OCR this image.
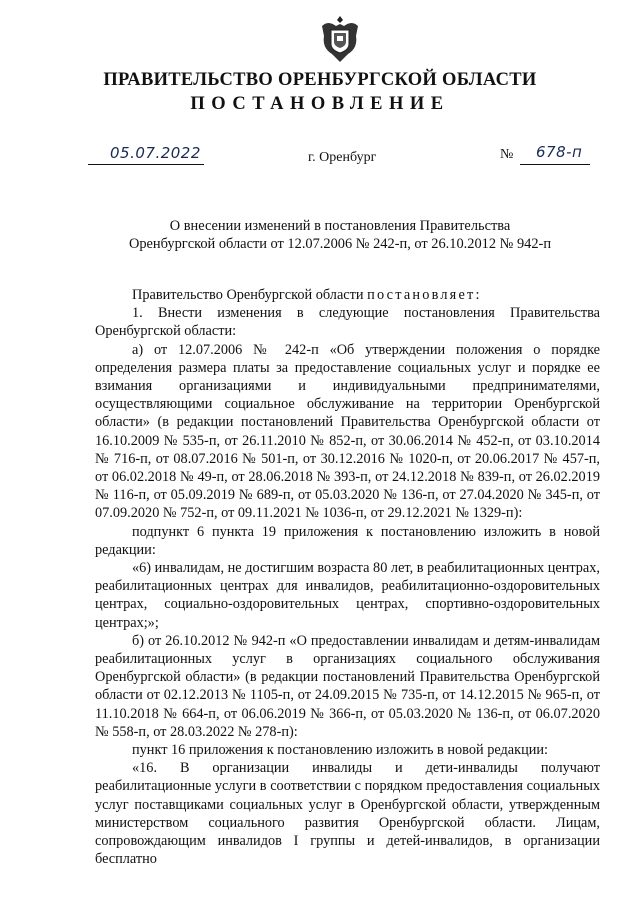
ПРАВИТЕЛЬСТВО ОРЕНБУРГСКОЙ ОБЛАСТИ
ПОСТАНОВЛЕНИЕ
05.07.2022	г. Оренбург	№ 678-п
О внесении изменений в постановления Правительства
Оренбургской области от 12.07.2006 № 242-п, от 26.10.2012 № 942-п

Правительство Оренбургской области постановляет:

1. Внести изменения в следующие постановления Правительства Оренбургской области:

а) от 12.07.2006 № 242-п «Об утверждении положения о порядке определения размера платы за предоставление социальных услуг и порядке ее взимания организациями и индивидуальными предпринимателями, осуществляющими социальное обслуживание на территории Оренбургской области» (в редакции постановлений Правительства Оренбургской области от 16.10.2009 № 535-п, от 26.11.2010 № 852-п, от 30.06.2014 № 452-п, от 03.10.2014 № 716-п, от 08.07.2016 № 501-п, от 30.12.2016 № 1020-п, от 20.06.2017 № 457-п, от 06.02.2018 № 49-п, от 28.06.2018 № 393-п, от 24.12.2018 № 839-п, от 26.02.2019 № 116-п, от 05.09.2019 № 689-п, от 05.03.2020 № 136-п, от 27.04.2020 № 345-п, от 07.09.2020 № 752-п, от 09.11.2021 № 1036-п, от 29.12.2021 № 1329-п):

подпункт 6 пункта 19 приложения к постановлению изложить в новой редакции:

«6) инвалидам, не достигшим возраста 80 лет, в реабилитационных центрах, реабилитационных центрах для инвалидов, реабилитационно-оздоровительных центрах, социально-оздоровительных центрах, спортивно-оздоровительных центрах;»;

б) от 26.10.2012 № 942-п «О предоставлении инвалидам и детям-инвалидам реабилитационных услуг в организациях социального обслуживания Оренбургской области» (в редакции постановлений Правительства Оренбургской области от 02.12.2013 № 1105-п, от 24.09.2015 № 735-п, от 14.12.2015 № 965-п, от 11.10.2018 № 664-п, от 06.06.2019 № 366-п, от 05.03.2020 № 136-п, от 06.07.2020 № 558-п, от 28.03.2022 № 278-п):

пункт 16 приложения к постановлению изложить в новой редакции:

«16. В организации инвалиды и дети-инвалиды получают реабилитационные услуги в соответствии с порядком предоставления социальных услуг поставщиками социальных услуг в Оренбургской области, утвержденным министерством социального развития Оренбургской области. Лицам, сопровождающим инвалидов I группы и детей-инвалидов, в организации бесплатно
